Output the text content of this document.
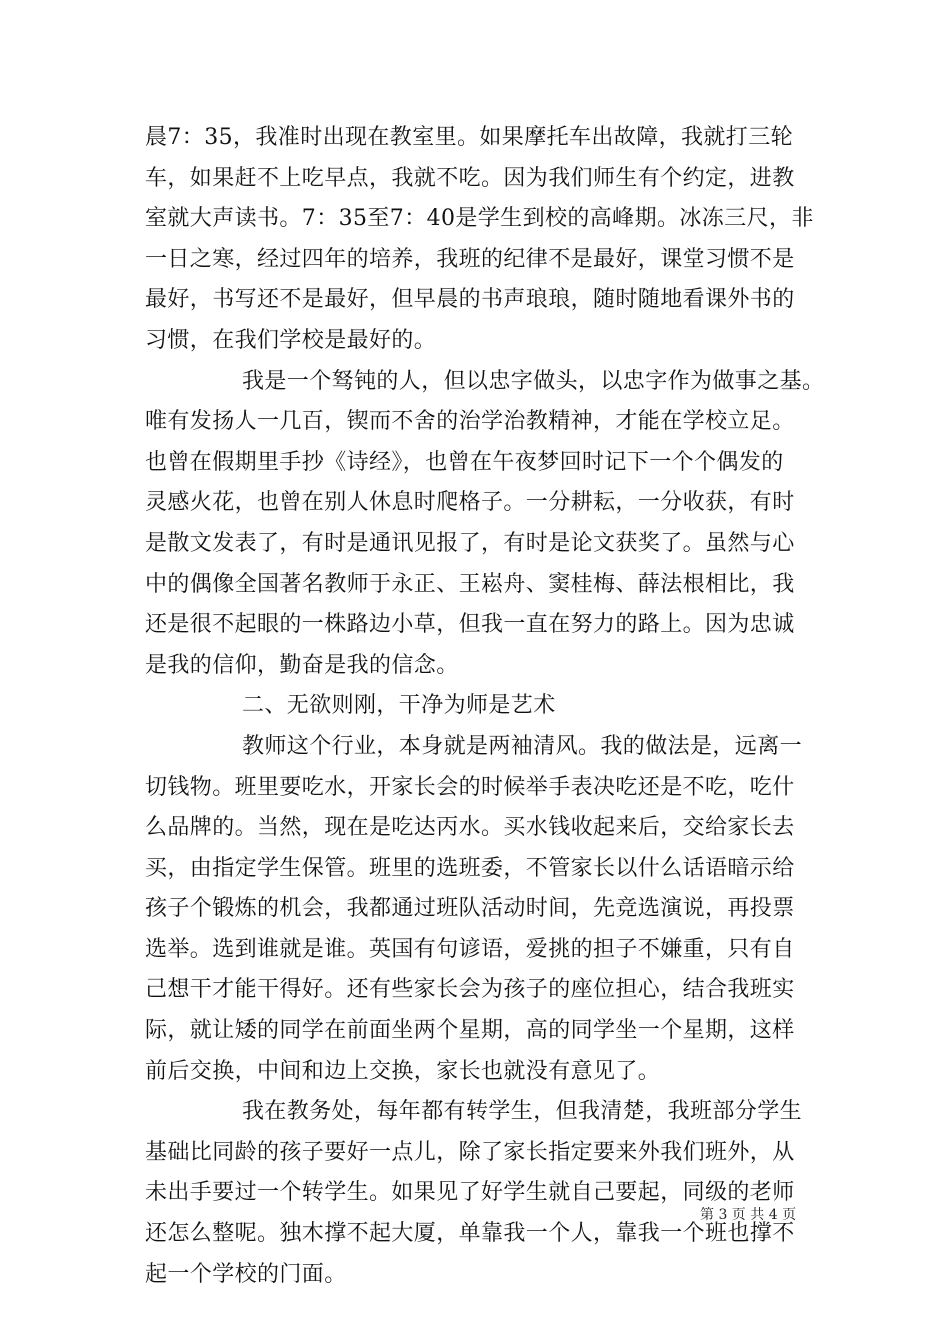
晨7：35，我准时出现在教室里。如果摩托车出故障，我就打三轮
车，如果赶不上吃早点，我就不吃。因为我们师生有个约定，进教
室就大声读书。7：35至7：40是学生到校的高峰期。冰冻三尺，非
一日之寒，经过四年的培养，我班的纪律不是最好，课堂习惯不是
最好，书写还不是最好，但早晨的书声琅琅，随时随地看课外书的
习惯，在我们学校是最好的。
我是一个驽钝的人，但以忠字做头，以忠字作为做事之基。
唯有发扬人一几百，锲而不舍的治学治教精神，才能在学校立足。
也曾在假期里手抄《诗经》，也曾在午夜梦回时记下一个个偶发的
灵感火花，也曾在别人休息时爬格子。一分耕耘，一分收获，有时
是散文发表了，有时是通讯见报了，有时是论文获奖了。虽然与心
中的偶像全国著名教师于永正、王崧舟、窦桂梅、薛法根相比，我
还是很不起眼的一株路边小草，但我一直在努力的路上。因为忠诚
是我的信仰，勤奋是我的信念。
二、无欲则刚，干净为师是艺术
教师这个行业，本身就是两袖清风。我的做法是，远离一
切钱物。班里要吃水，开家长会的时候举手表决吃还是不吃，吃什
么品牌的。当然，现在是吃达丙水。买水钱收起来后，交给家长去
买，由指定学生保管。班里的选班委，不管家长以什么话语暗示给
孩子个锻炼的机会，我都通过班队活动时间，先竞选演说，再投票
选举。选到谁就是谁。英国有句谚语，爱挑的担子不嫌重，只有自
己想干才能干得好。还有些家长会为孩子的座位担心，结合我班实
际，就让矮的同学在前面坐两个星期，高的同学坐一个星期，这样
前后交换，中间和边上交换，家长也就没有意见了。
我在教务处，每年都有转学生，但我清楚，我班部分学生
基础比同龄的孩子要好一点儿，除了家长指定要来外我们班外，从
未出手要过一个转学生。如果见了好学生就自己要起，同级的老师
还怎么整呢。独木撑不起大厦，单靠我一个人，靠我一个班也撑不
起一个学校的门面。
第 3 页 共 4 页
